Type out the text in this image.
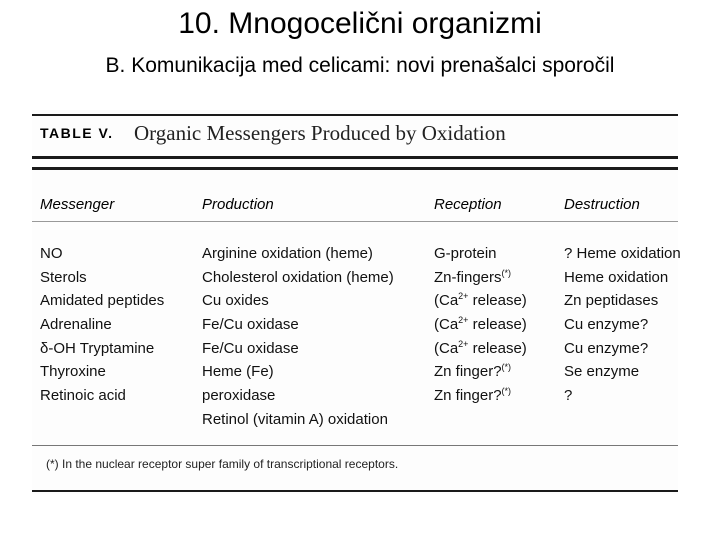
10. Mnogocelični organizmi
B. Komunikacija med celicami: novi prenašalci sporočil
TABLE V. Organic Messengers Produced by Oxidation
Messenger
NO
Sterols
Amidated peptides
Adrenaline
δ-OH Tryptamine
Thyroxine
Retinoic acid
Production
Arginine oxidation (heme)
Cholesterol oxidation (heme)
Cu oxides
Fe/Cu oxidase
Fe/Cu oxidase
Heme (Fe)
peroxidase
Retinol (vitamin A) oxidation
Reception
G-protein
Zn-fingers(*)
($Ca^{2+}$ release)
($Ca^{2+}$ release)
($Ca^{2+}$ release)
Zn finger?(*)
Zn finger?(*)
Destruction
? Heme oxidation
Heme oxidation
Zn peptidases
Cu enzyme?
Cu enzyme?
Se enzyme
?
(*) In the nuclear receptor super family of transcriptional receptors.
